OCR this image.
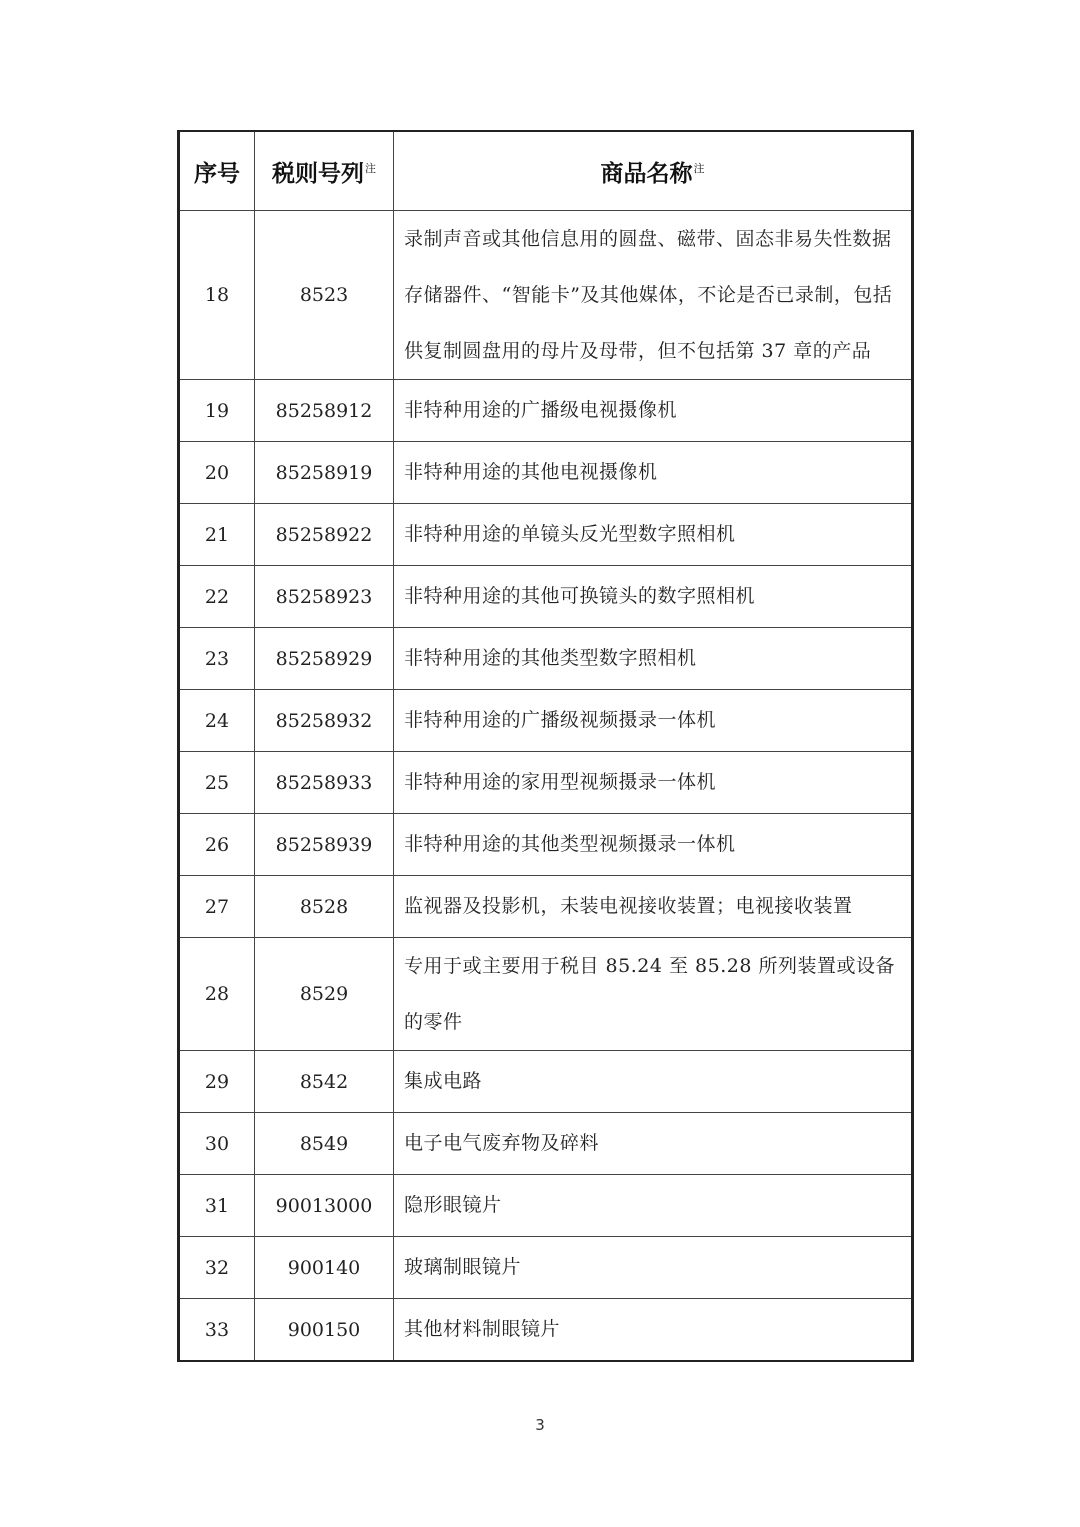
序号	税则号列$^注$	商品名称$^注$
18	8523	录制声音或其他信息用的圆盘、磁带、固态非易失性数据存储器件、“智能卡”及其他媒体，不论是否已录制，包括供复制圆盘用的母片及母带，但不包括第 37 章的产品
19	85258912	非特种用途的广播级电视摄像机
20	85258919	非特种用途的其他电视摄像机
21	85258922	非特种用途的单镜头反光型数字照相机
22	85258923	非特种用途的其他可换镜头的数字照相机
23	85258929	非特种用途的其他类型数字照相机
24	85258932	非特种用途的广播级视频摄录一体机
25	85258933	非特种用途的家用型视频摄录一体机
26	85258939	非特种用途的其他类型视频摄录一体机
27	8528	监视器及投影机，未装电视接收装置；电视接收装置
28	8529	专用于或主要用于税目 85.24 至 85.28 所列装置或设备的零件
29	8542	集成电路
30	8549	电子电气废弃物及碎料
31	90013000	隐形眼镜片
32	900140	玻璃制眼镜片
33	900150	其他材料制眼镜片
3
